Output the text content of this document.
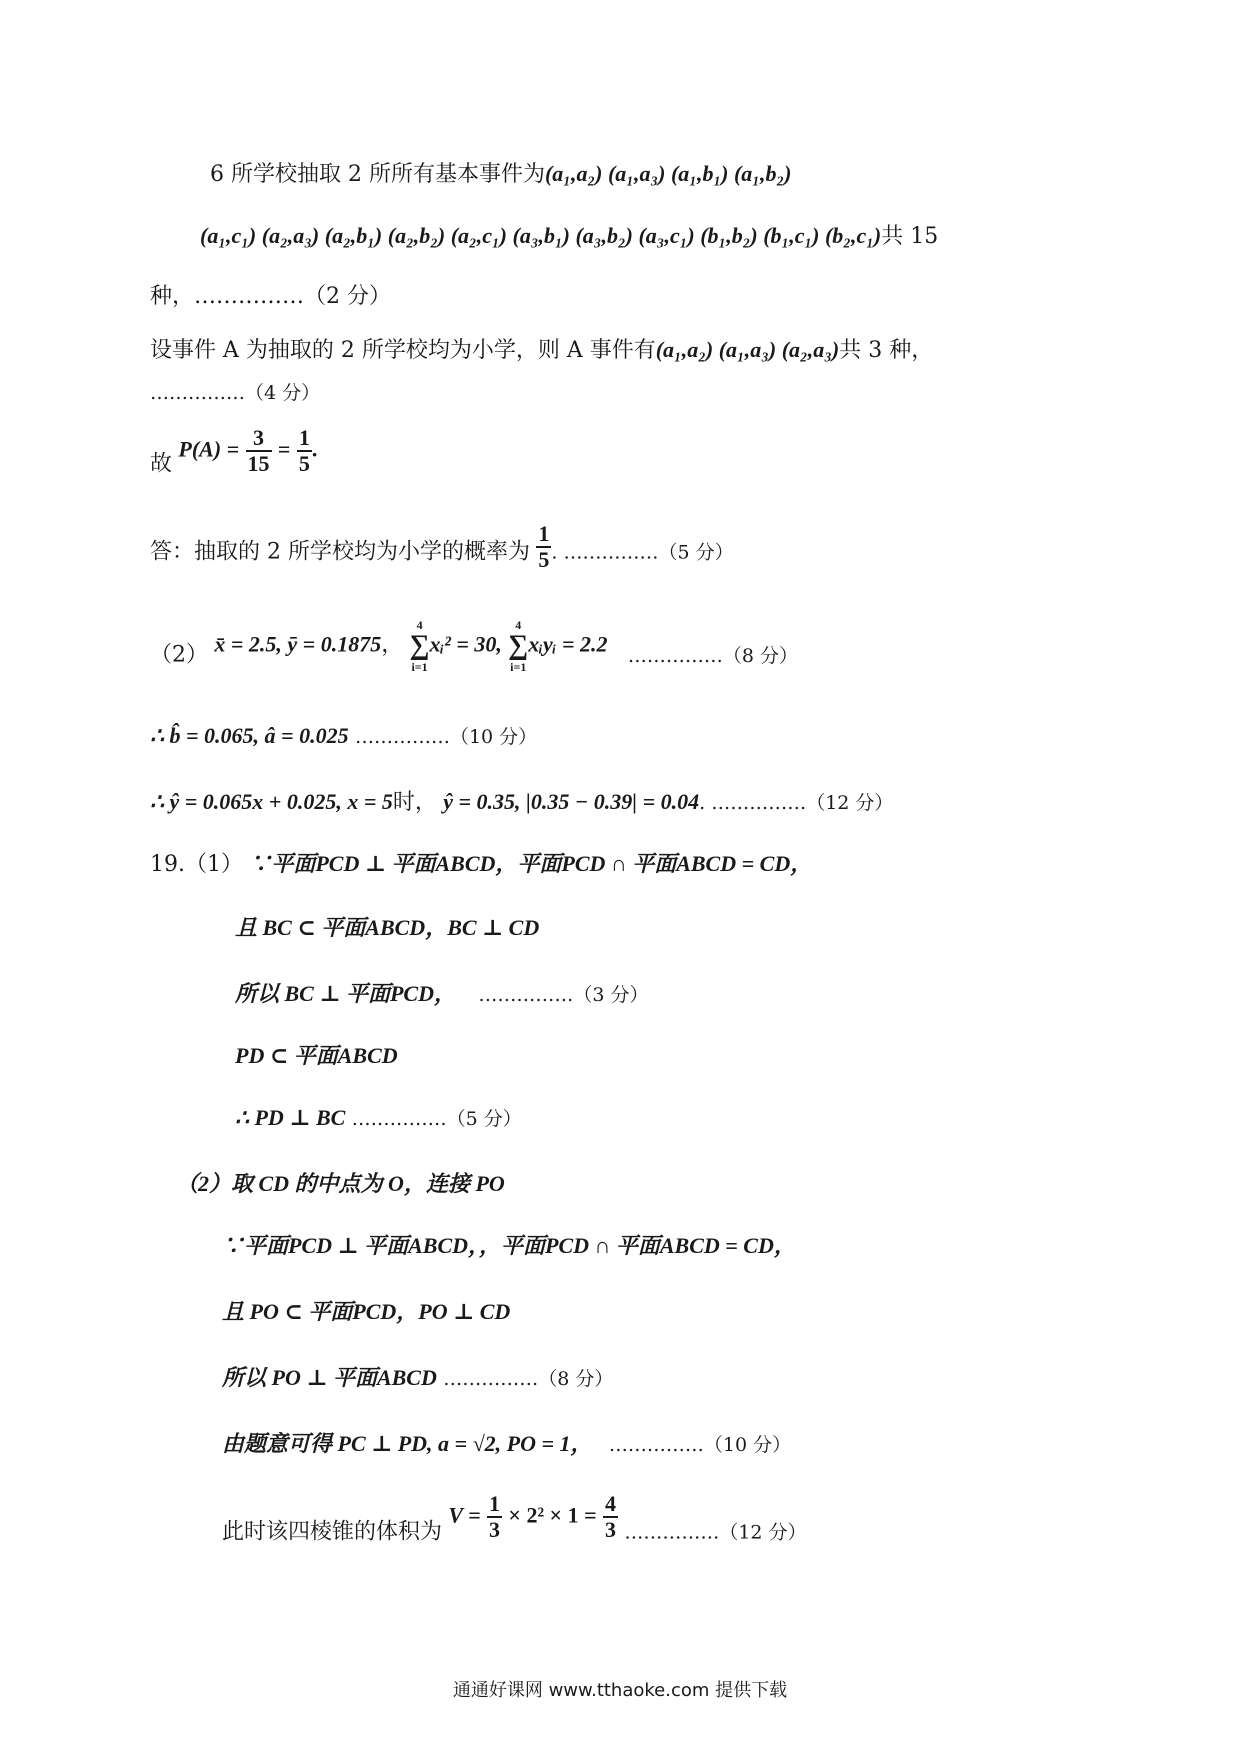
6 所学校抽取 2 所所有基本事件为(a₁,a₂) (a₁,a₃) (a₁,b₁) (a₁,b₂)
(a₁,c₁) (a₂,a₃) (a₂,b₁) (a₂,b₂) (a₂,c₁) (a₃,b₁) (a₃,b₂) (a₃,c₁) (b₁,b₂) (b₁,c₁) (b₂,c₁)共 15
种，……………（2 分）
设事件 A 为抽取的 2 所学校均为小学，则 A 事件有(a₁,a₂) (a₁,a₃) (a₂,a₃)共 3 种，
……………（4 分）
故 $P(A) = \frac{3}{15} = \frac{1}{5}$ .
答：抽取的 2 所学校均为小学的概率为 $\frac{1}{5}$ . ……………（5 分）
（2） x̄ = 2.5, ȳ = 0.1875，
4
∑
i=1
xᵢ² = 30,
4
∑
i=1
xᵢyᵢ = 2.2 ……………（8 分）
∴ b̂ = 0.065, â = 0.025 ……………（10 分）
∴ ŷ = 0.065x + 0.025, x = 5时， ŷ = 0.35, |0.35 − 0.39| = 0.04. ……………（12 分）
19.（1） ∵平面PCD ⊥ 平面ABCD，平面PCD ∩ 平面ABCD = CD，
且 BC ⊂ 平面ABCD，BC ⊥ CD
所以 BC ⊥ 平面PCD， ……………（3 分）
PD ⊂ 平面ABCD
∴ PD ⊥ BC ……………（5 分）
（2）取 CD 的中点为 O，连接 PO
∵平面PCD ⊥ 平面ABCD，，平面PCD ∩ 平面ABCD = CD，
且 PO ⊂ 平面PCD，PO ⊥ CD
所以 PO ⊥ 平面ABCD ……………（8 分）
由题意可得 PC ⊥ PD, a = √2, PO = 1， ……………（10 分）
此时该四棱锥的体积为 $V = \frac{1}{3} \times 2^2 \times 1 = \frac{4}{3}$ ……………（12 分）
通通好课网 www.tthaoke.com 提供下载
